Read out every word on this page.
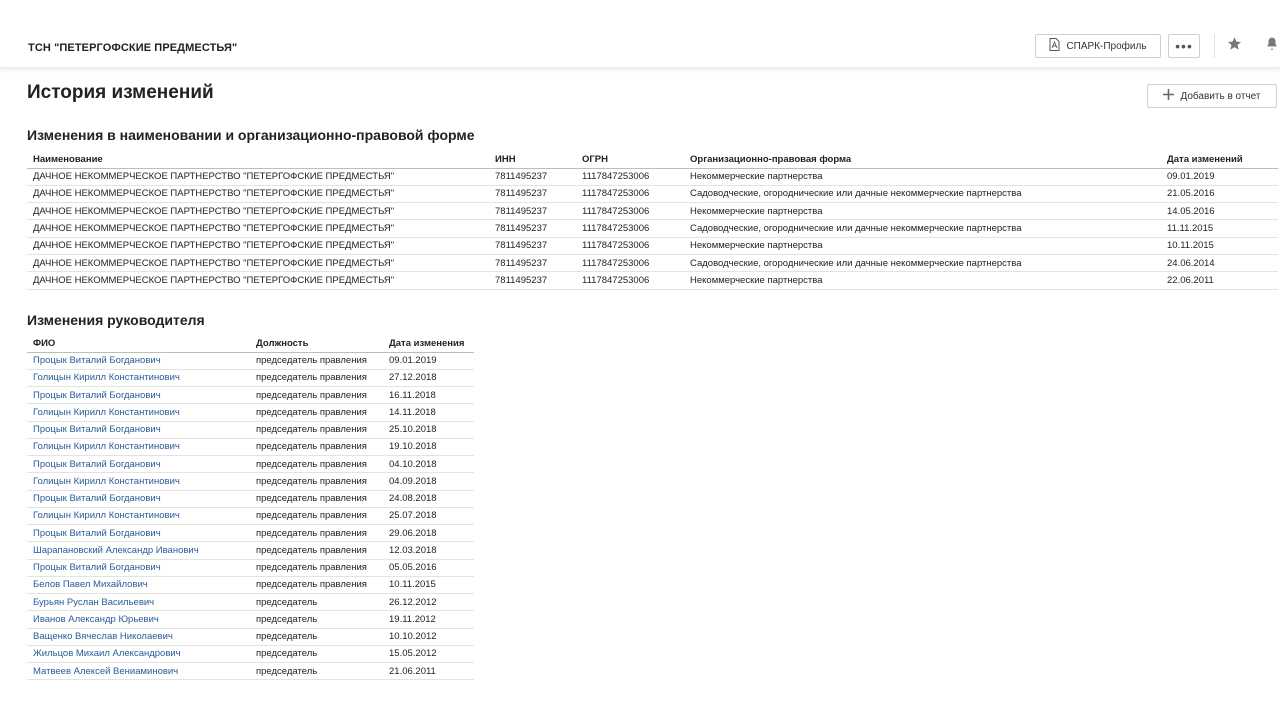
ТСН "ПЕТЕРГОФСКИЕ ПРЕДМЕСТЬЯ"	СПАРК-Профиль •••
История изменений	Добавить в отчет
Изменения в наименовании и организационно-правовой форме
Наименование	ИНН	ОГРН	Организационно-правовая форма	Дата изменений
ДАЧНОЕ НЕКОММЕРЧЕСКОЕ ПАРТНЕРСТВО "ПЕТЕРГОФСКИЕ ПРЕДМЕСТЬЯ"	7811495237	1117847253006	Некоммерческие партнерства	09.01.2019
ДАЧНОЕ НЕКОММЕРЧЕСКОЕ ПАРТНЕРСТВО "ПЕТЕРГОФСКИЕ ПРЕДМЕСТЬЯ"	7811495237	1117847253006	Садоводческие, огороднические или дачные некоммерческие партнерства	21.05.2016
ДАЧНОЕ НЕКОММЕРЧЕСКОЕ ПАРТНЕРСТВО "ПЕТЕРГОФСКИЕ ПРЕДМЕСТЬЯ"	7811495237	1117847253006	Некоммерческие партнерства	14.05.2016
ДАЧНОЕ НЕКОММЕРЧЕСКОЕ ПАРТНЕРСТВО "ПЕТЕРГОФСКИЕ ПРЕДМЕСТЬЯ"	7811495237	1117847253006	Садоводческие, огороднические или дачные некоммерческие партнерства	11.11.2015
ДАЧНОЕ НЕКОММЕРЧЕСКОЕ ПАРТНЕРСТВО "ПЕТЕРГОФСКИЕ ПРЕДМЕСТЬЯ"	7811495237	1117847253006	Некоммерческие партнерства	10.11.2015
ДАЧНОЕ НЕКОММЕРЧЕСКОЕ ПАРТНЕРСТВО "ПЕТЕРГОФСКИЕ ПРЕДМЕСТЬЯ"	7811495237	1117847253006	Садоводческие, огороднические или дачные некоммерческие партнерства	24.06.2014
ДАЧНОЕ НЕКОММЕРЧЕСКОЕ ПАРТНЕРСТВО "ПЕТЕРГОФСКИЕ ПРЕДМЕСТЬЯ"	7811495237	1117847253006	Некоммерческие партнерства	22.06.2011
Изменения руководителя
ФИО	Должность	Дата изменения
Процык Виталий Богданович	председатель правления	09.01.2019
Голицын Кирилл Константинович	председатель правления	27.12.2018
Процык Виталий Богданович	председатель правления	16.11.2018
Голицын Кирилл Константинович	председатель правления	14.11.2018
Процык Виталий Богданович	председатель правления	25.10.2018
Голицын Кирилл Константинович	председатель правления	19.10.2018
Процык Виталий Богданович	председатель правления	04.10.2018
Голицын Кирилл Константинович	председатель правления	04.09.2018
Процык Виталий Богданович	председатель правления	24.08.2018
Голицын Кирилл Константинович	председатель правления	25.07.2018
Процык Виталий Богданович	председатель правления	29.06.2018
Шарапановский Александр Иванович	председатель правления	12.03.2018
Процык Виталий Богданович	председатель правления	05.05.2016
Белов Павел Михайлович	председатель правления	10.11.2015
Бурьян Руслан Васильевич	председатель	26.12.2012
Иванов Александр Юрьевич	председатель	19.11.2012
Ващенко Вячеслав Николаевич	председатель	10.10.2012
Жильцов Михаил Александрович	председатель	15.05.2012
Матвеев Алексей Вениаминович	председатель	21.06.2011
